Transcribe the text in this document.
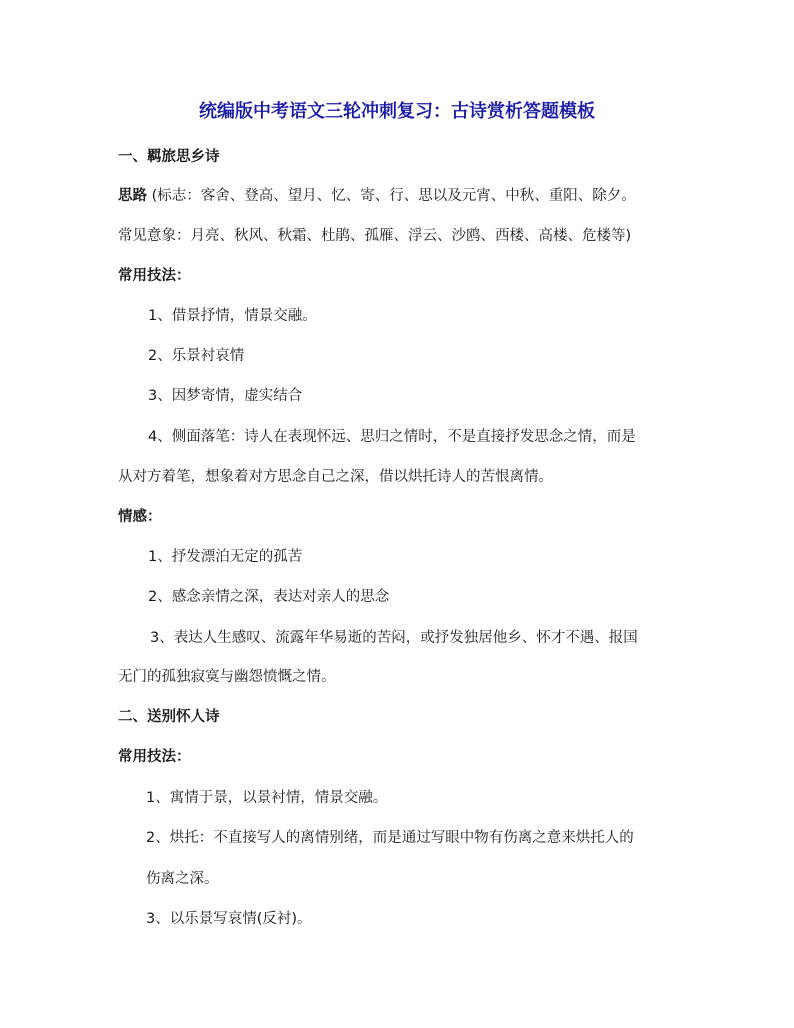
统编版中考语文三轮冲刺复习：古诗赏析答题模板
一、羁旅思乡诗
思路 (标志：客舍、登高、望月、忆、寄、行、思以及元宵、中秋、重阳、除夕。
常见意象：月亮、秋风、秋霜、杜鹃、孤雁、浮云、沙鸥、西楼、高楼、危楼等)
常用技法：
1、借景抒情，情景交融。
2、乐景衬哀情
3、因梦寄情，虚实结合
4、侧面落笔：诗人在表现怀远、思归之情时，不是直接抒发思念之情，而是
从对方着笔，想象着对方思念自己之深，借以烘托诗人的苦恨离情。
情感：
1、抒发漂泊无定的孤苦
2、感念亲情之深，表达对亲人的思念
3、表达人生感叹、流露年华易逝的苦闷，或抒发独居他乡、怀才不遇、报国
无门的孤独寂寞与幽怨愤慨之情。
二、送别怀人诗
常用技法：
1、寓情于景，以景衬情，情景交融。
2、烘托：不直接写人的离情别绪，而是通过写眼中物有伤离之意来烘托人的
伤离之深。
3、以乐景写哀情(反衬)。
